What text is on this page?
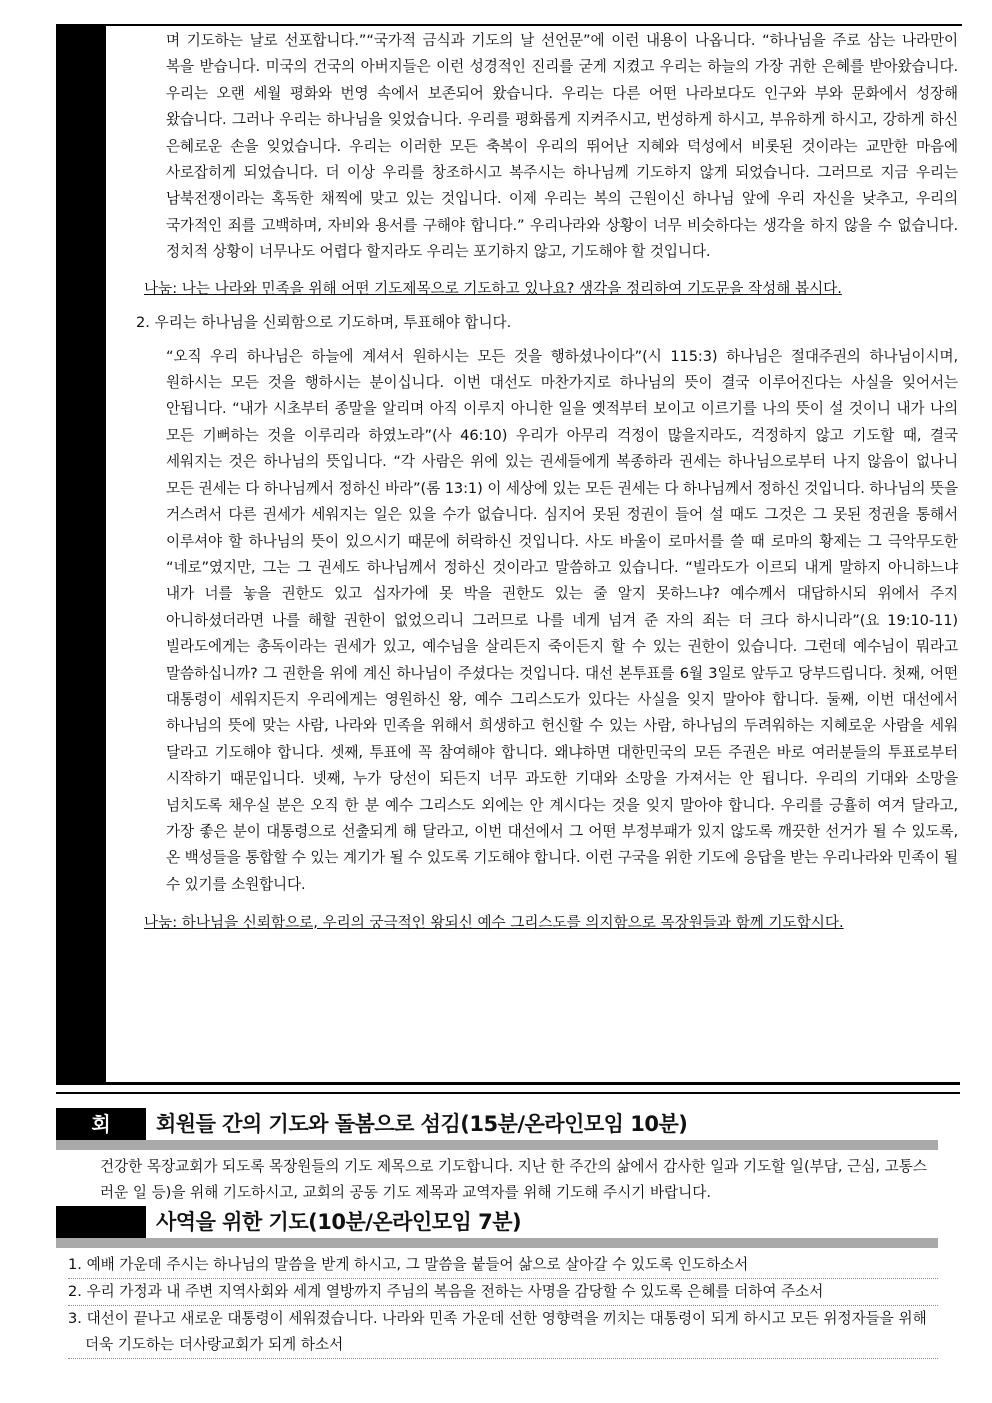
며 기도하는 날로 선포합니다.”“국가적 금식과 기도의 날 선언문”에 이런 내용이 나옵니다. “하나님을 주로 삼는 나라만이 복을 받습니다. 미국의 건국의 아버지들은 이런 성경적인 진리를 굳게 지켰고 우리는 하늘의 가장 귀한 은혜를 받아왔습니다. 우리는 오랜 세월 평화와 번영 속에서 보존되어 왔습니다. 우리는 다른 어떤 나라보다도 인구와 부와 문화에서 성장해 왔습니다. 그러나 우리는 하나님을 잊었습니다. 우리를 평화롭게 지켜주시고, 번성하게 하시고, 부유하게 하시고, 강하게 하신 은혜로운 손을 잊었습니다. 우리는 이러한 모든 축복이 우리의 뛰어난 지혜와 덕성에서 비롯된 것이라는 교만한 마음에 사로잡히게 되었습니다. 더 이상 우리를 창조하시고 복주시는 하나님께 기도하지 않게 되었습니다. 그러므로 지금 우리는 남북전쟁이라는 혹독한 채찍에 맞고 있는 것입니다. 이제 우리는 복의 근원이신 하나님 앞에 우리 자신을 낮추고, 우리의 국가적인 죄를 고백하며, 자비와 용서를 구해야 합니다.” 우리나라와 상황이 너무 비슷하다는 생각을 하지 않을 수 없습니다. 정치적 상황이 너무나도 어렵다 할지라도 우리는 포기하지 않고, 기도해야 할 것입니다.

나눔: 나는 나라와 민족을 위해 어떤 기도제목으로 기도하고 있나요? 생각을 정리하여 기도문을 작성해 봅시다.
2. 우리는 하나님을 신뢰함으로 기도하며, 투표해야 합니다.

“오직 우리 하나님은 하늘에 계셔서 원하시는 모든 것을 행하셨나이다”(시 115:3) 하나님은 절대주권의 하나님이시며, 원하시는 모든 것을 행하시는 분이십니다. 이번 대선도 마찬가지로 하나님의 뜻이 결국 이루어진다는 사실을 잊어서는 안됩니다. “내가 시초부터 종말을 알리며 아직 이루지 아니한 일을 옛적부터 보이고 이르기를 나의 뜻이 설 것이니 내가 나의 모든 기뻐하는 것을 이루리라 하였노라”(사 46:10) 우리가 아무리 걱정이 많을지라도, 걱정하지 않고 기도할 때, 결국 세워지는 것은 하나님의 뜻입니다. “각 사람은 위에 있는 권세들에게 복종하라 권세는 하나님으로부터 나지 않음이 없나니 모든 권세는 다 하나님께서 정하신 바라”(롬 13:1) 이 세상에 있는 모든 권세는 다 하나님께서 정하신 것입니다. 하나님의 뜻을 거스려서 다른 권세가 세워지는 일은 있을 수가 없습니다. 심지어 못된 정권이 들어 설 때도 그것은 그 못된 정권을 통해서 이루셔야 할 하나님의 뜻이 있으시기 때문에 허락하신 것입니다. 사도 바울이 로마서를 쓸 때 로마의 황제는 그 극악무도한 “네로”였지만, 그는 그 권세도 하나님께서 정하신 것이라고 말씀하고 있습니다. “빌라도가 이르되 내게 말하지 아니하느냐 내가 너를 놓을 권한도 있고 십자가에 못 박을 권한도 있는 줄 알지 못하느냐? 예수께서 대답하시되 위에서 주지 아니하셨더라면 나를 해할 권한이 없었으리니 그러므로 나를 네게 넘겨 준 자의 죄는 더 크다 하시니라”(요 19:10-11) 빌라도에게는 총독이라는 권세가 있고, 예수님을 살리든지 죽이든지 할 수 있는 권한이 있습니다. 그런데 예수님이 뭐라고 말씀하십니까? 그 권한을 위에 계신 하나님이 주셨다는 것입니다. 대선 본투표를 6월 3일로 앞두고 당부드립니다. 첫째, 어떤 대통령이 세워지든지 우리에게는 영원하신 왕, 예수 그리스도가 있다는 사실을 잊지 말아야 합니다. 둘째, 이번 대선에서 하나님의 뜻에 맞는 사람, 나라와 민족을 위해서 희생하고 헌신할 수 있는 사람, 하나님의 두려워하는 지혜로운 사람을 세워 달라고 기도해야 합니다. 셋째, 투표에 꼭 참여해야 합니다. 왜냐하면 대한민국의 모든 주권은 바로 여러분들의 투표로부터 시작하기 때문입니다. 넷째, 누가 당선이 되든지 너무 과도한 기대와 소망을 가져서는 안 됩니다. 우리의 기대와 소망을 넘치도록 채우실 분은 오직 한 분 예수 그리스도 외에는 안 계시다는 것을 잊지 말아야 합니다. 우리를 긍휼히 여겨 달라고, 가장 좋은 분이 대통령으로 선출되게 해 달라고, 이번 대선에서 그 어떤 부정부패가 있지 않도록 깨끗한 선거가 될 수 있도록, 온 백성들을 통합할 수 있는 계기가 될 수 있도록 기도해야 합니다. 이런 구국을 위한 기도에 응답을 받는 우리나라와 민족이 될 수 있기를 소원합니다.

나눔: 하나님을 신뢰함으로, 우리의 궁극적인 왕되신 예수 그리스도를 의지함으로 목장원들과 함께 기도합시다.
회	회원들 간의 기도와 돌봄으로 섬김(15분/온라인모임 10분)
건강한 목장교회가 되도록 목장원들의 기도 제목으로 기도합니다. 지난 한 주간의 삶에서 감사한 일과 기도할 일(부담, 근심, 고통스러운 일 등)을 위해 기도하시고, 교회의 공동 기도 제목과 교역자를 위해 기도해 주시기 바랍니다.
사역을 위한 기도(10분/온라인모임 7분)
1. 예배 가운데 주시는 하나님의 말씀을 받게 하시고, 그 말씀을 붙들어 삶으로 살아갈 수 있도록 인도하소서
2. 우리 가정과 내 주변 지역사회와 세계 열방까지 주님의 복음을 전하는 사명을 감당할 수 있도록 은혜를 더하여 주소서
3. 대선이 끝나고 새로운 대통령이 세워졌습니다. 나라와 민족 가운데 선한 영향력을 끼치는 대통령이 되게 하시고 모든 위정자들을 위해 더욱 기도하는 더사랑교회가 되게 하소서
